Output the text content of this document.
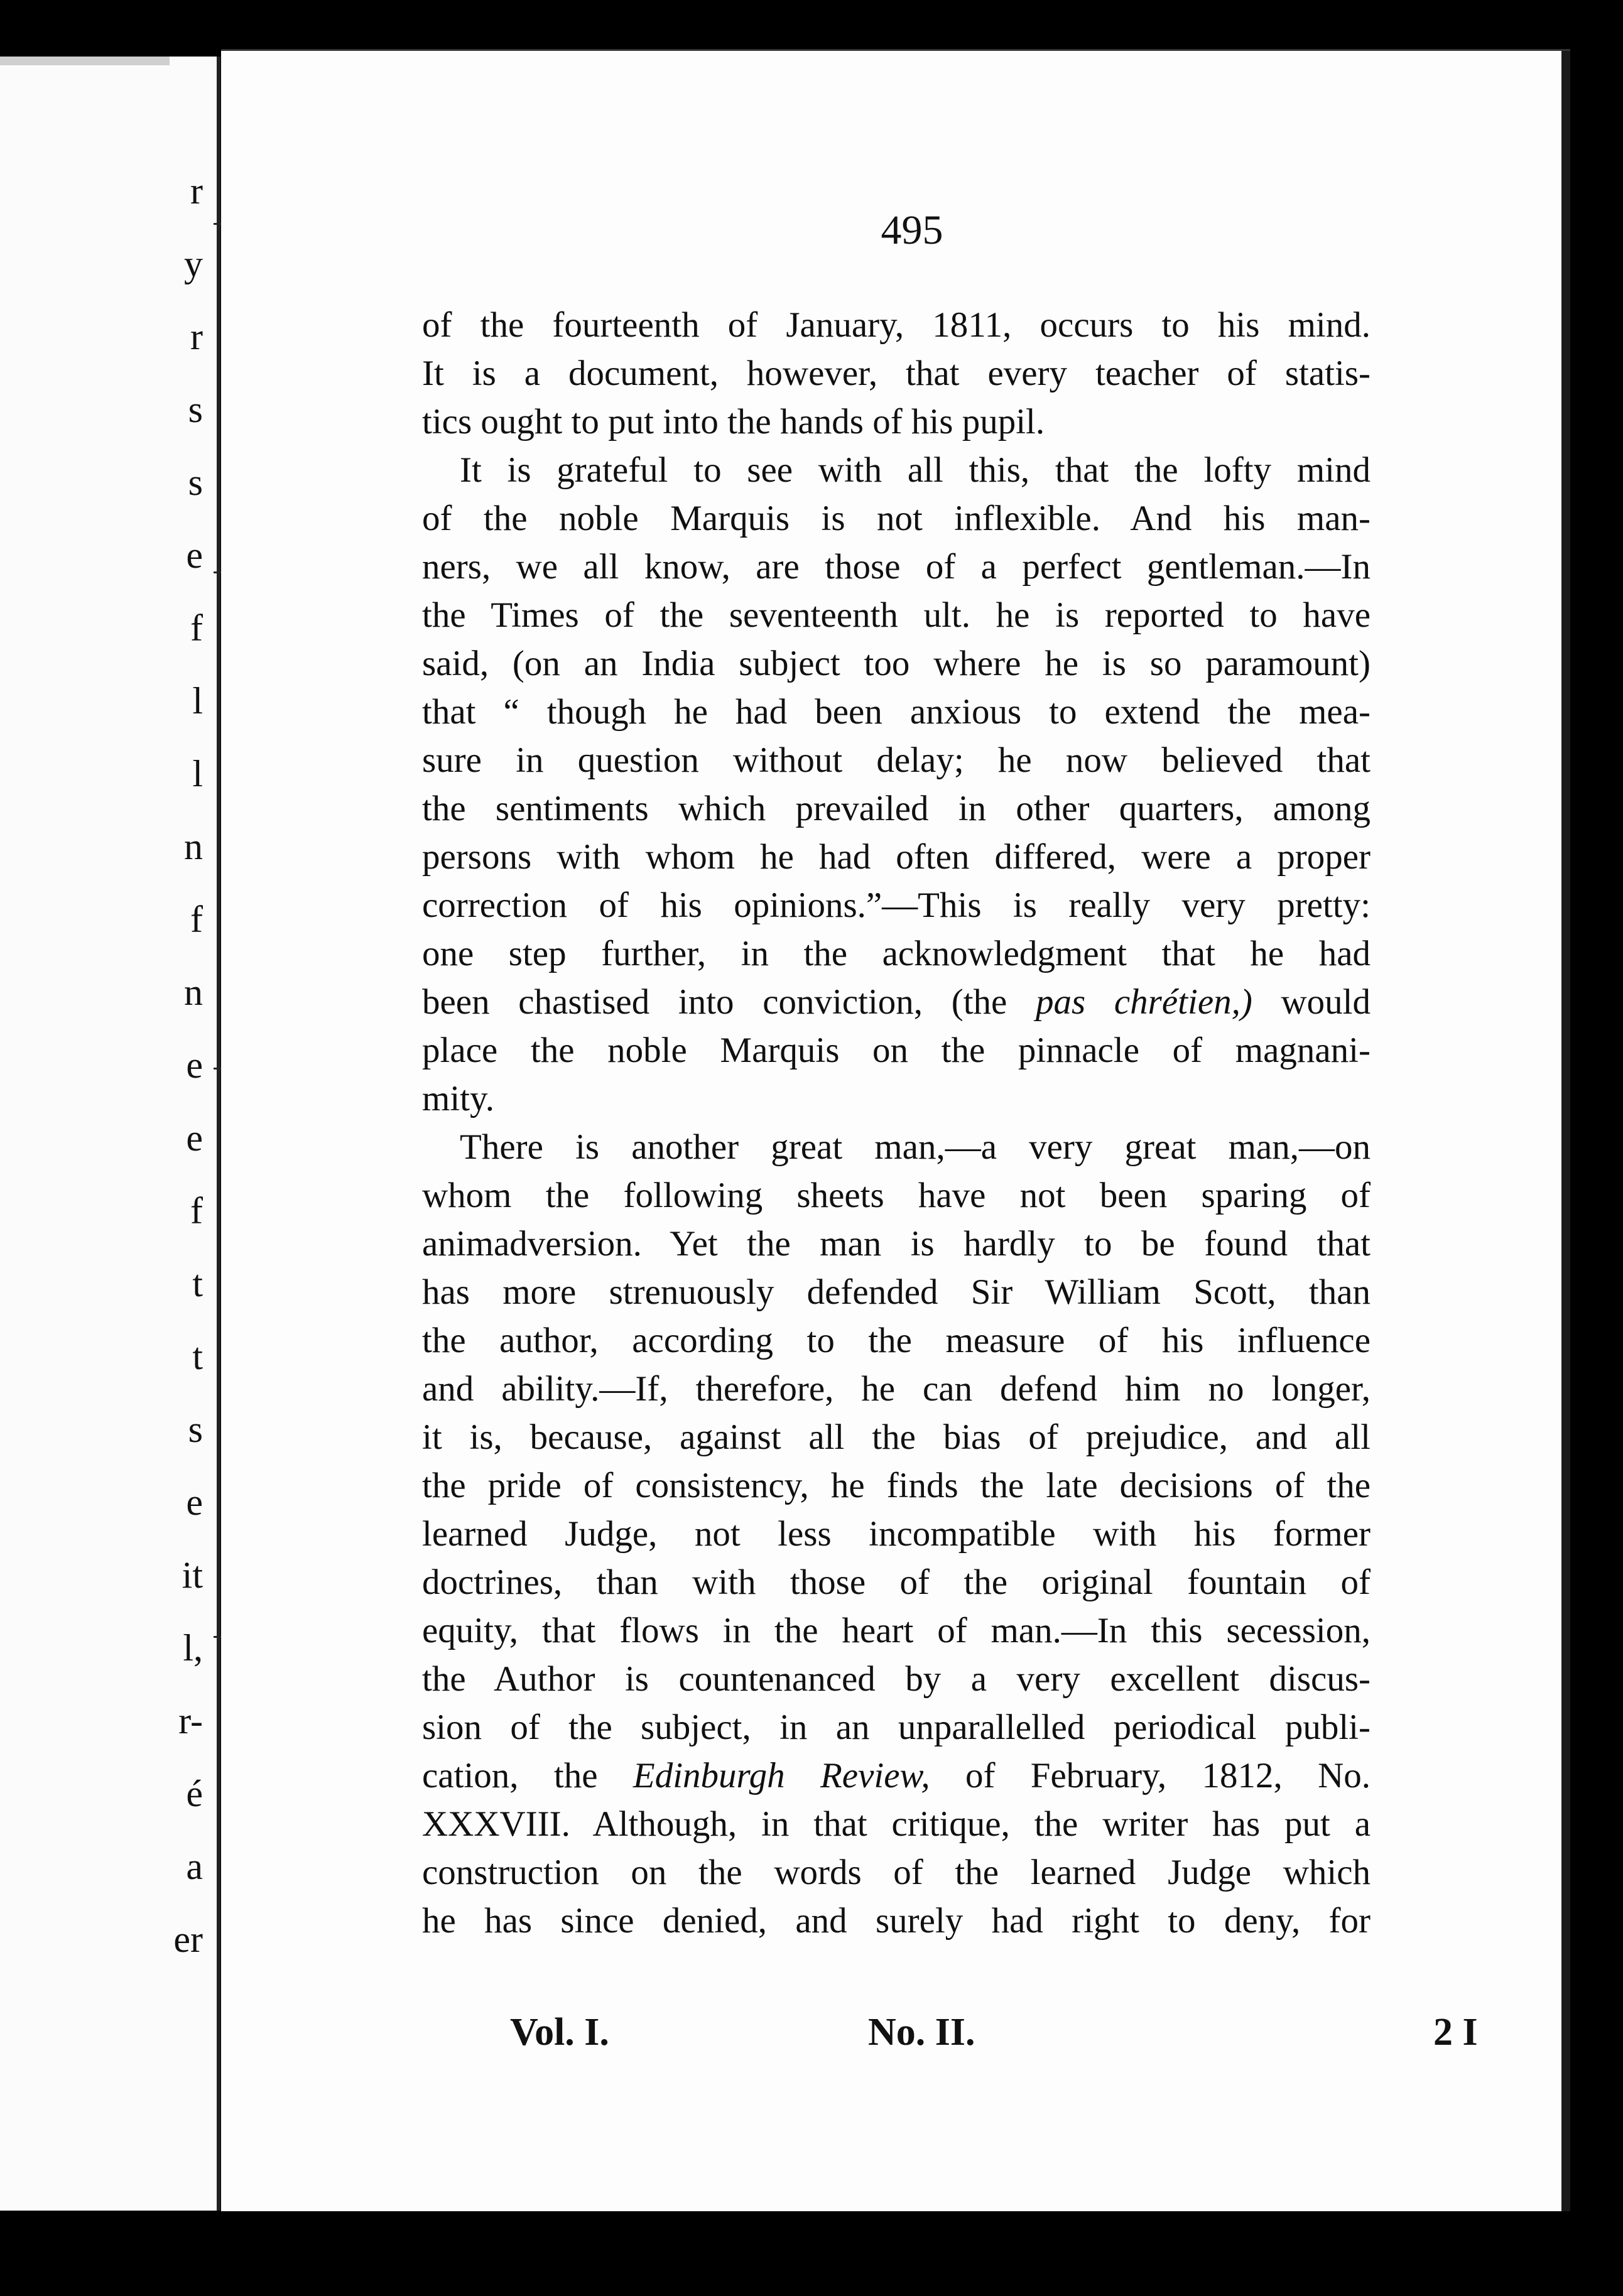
r
y
r
s
s
e
f
l
l
n
f
n
e
e
f
t
t
s
e
it
l,
r-
é
a
er
495
of the fourteenth of January, 1811, occurs to his mind.
It is a document, however, that every teacher of statis-
tics ought to put into the hands of his pupil.
It is grateful to see with all this, that the lofty mind
of the noble Marquis is not inflexible. And his man-
ners, we all know, are those of a perfect gentleman.—In
the Times of the seventeenth ult. he is reported to have
said, (on an India subject too where he is so paramount)
that “ though he had been anxious to extend the mea-
sure in question without delay; he now believed that
the sentiments which prevailed in other quarters, among
persons with whom he had often differed, were a proper
correction of his opinions.”—This is really very pretty:
one step further, in the acknowledgment that he had
been chastised into conviction, (the pas chrétien,) would
place the noble Marquis on the pinnacle of magnani-
mity.
There is another great man,—a very great man,—on
whom the following sheets have not been sparing of
animadversion. Yet the man is hardly to be found that
has more strenuously defended Sir William Scott, than
the author, according to the measure of his influence
and ability.—If, therefore, he can defend him no longer,
it is, because, against all the bias of prejudice, and all
the pride of consistency, he finds the late decisions of the
learned Judge, not less incompatible with his former
doctrines, than with those of the original fountain of
equity, that flows in the heart of man.—In this secession,
the Author is countenanced by a very excellent discus-
sion of the subject, in an unparallelled periodical publi-
cation, the Edinburgh Review, of February, 1812, No.
XXXVIII. Although, in that critique, the writer has put a
construction on the words of the learned Judge which
he has since denied, and surely had right to deny, for
Vol. I.	No. II.	2 I
